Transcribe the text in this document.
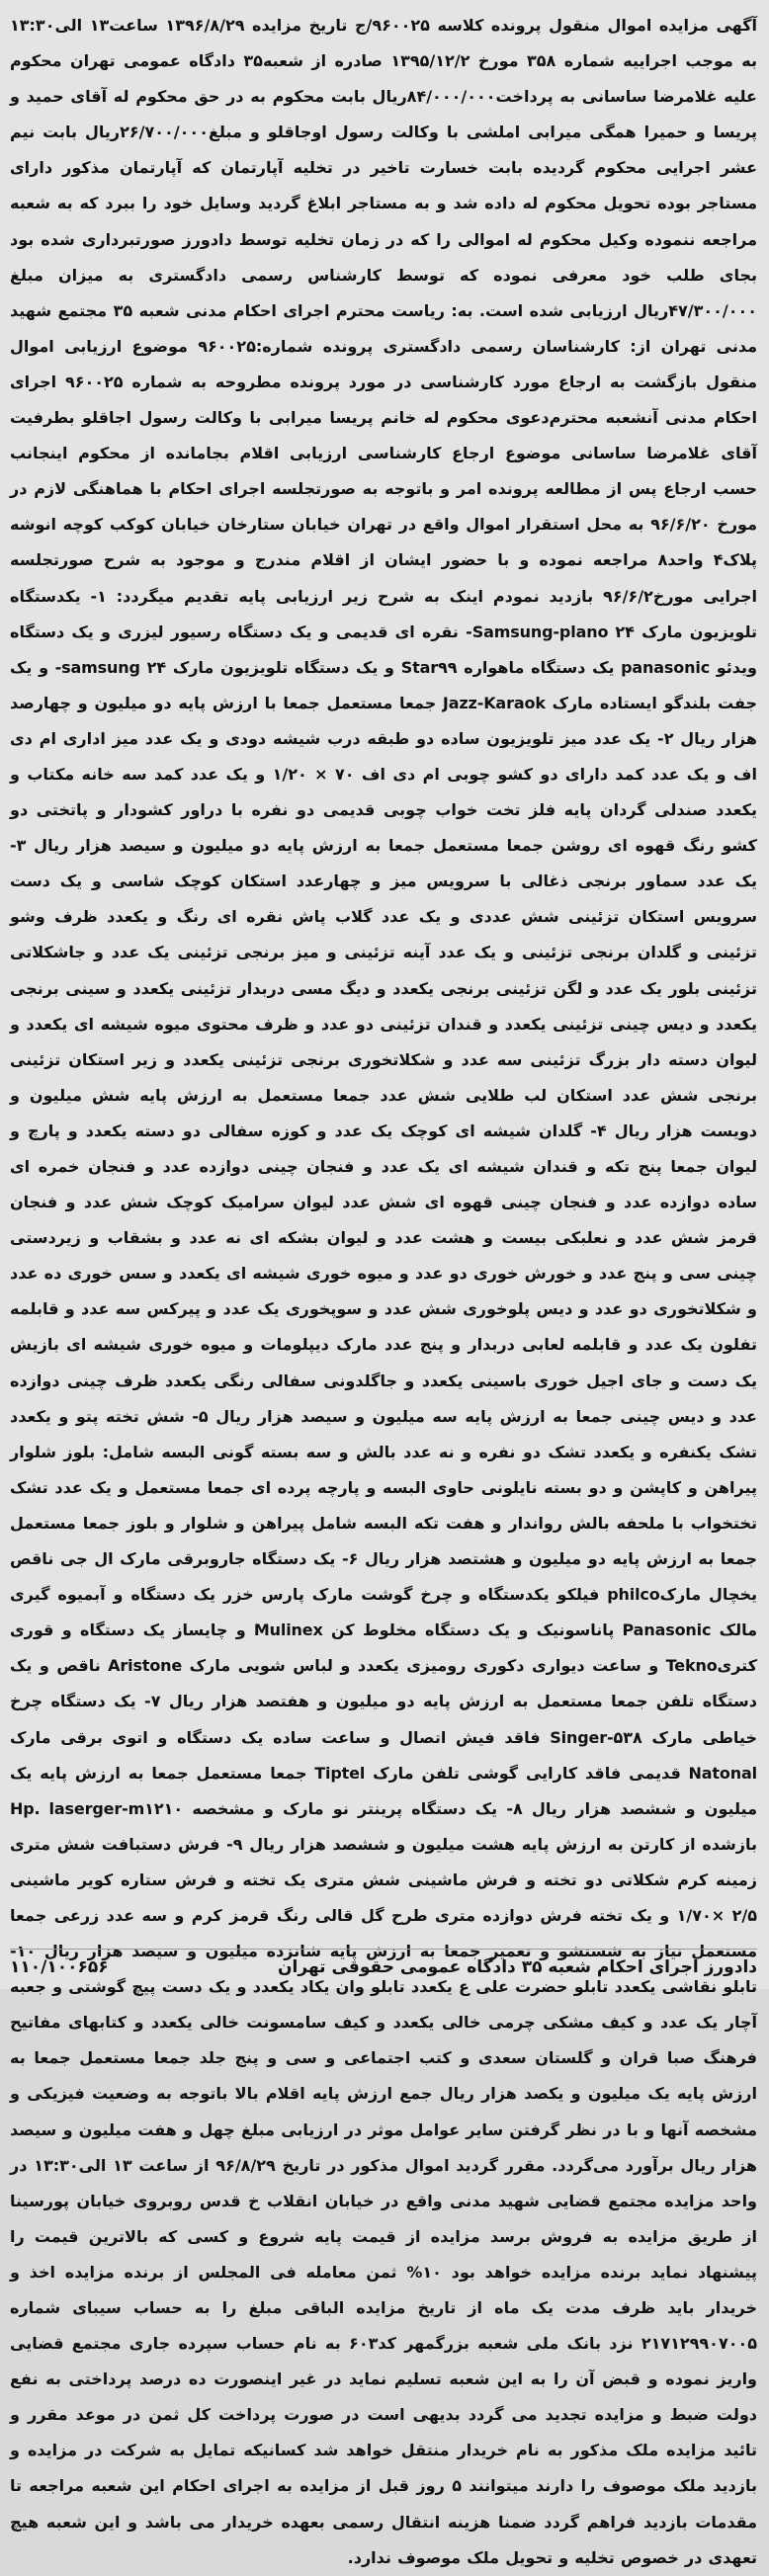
آگهی مزایده اموال منقول پرونده کلاسه ۹۶۰۰۲۵/ج تاریخ مزایده ۱۳۹۶/۸/۲۹ ساعت۱۳ الی۱۳:۳۰ به موجب اجراییه شماره ۳۵۸ مورخ ۱۳۹۵/۱۲/۲ صادره از شعبه‌۳۵ دادگاه عمومی تهران محکوم علیه غلامرضا ساسانی به پرداخت۸۴/۰۰۰/۰۰۰ریال بابت محکوم به در حق محکوم له آقای حمید و پریسا و حمیرا همگی میرابی املشی با وکالت رسول اوجاقلو و مبلغ۲۶/۷۰۰/۰۰۰ریال بابت نیم عشر اجرایی محکوم گردیده بابت خسارت تاخیر در تخلیه آپارتمان که آپارتمان مذکور دارای مستاجر بوده تحویل محکوم له داده شد و به مستاجر ابلاغ گردید وسایل خود را ببرد که به شعبه مراجعه ننموده وکیل محکوم له اموالی را که در زمان تخلیه توسط دادورز صورتبرداری شده بود بجای طلب خود معرفی نموده که توسط کارشناس رسمی دادگستری به میزان مبلغ ۴۷/۳۰۰/۰۰۰ریال ارزیابی شده است. به: ریاست محترم اجرای احکام مدنی شعبه ۳۵ مجتمع شهید مدنی تهران از: کارشناسان رسمی دادگستری پرونده شماره:۹۶۰۰۲۵ موضوع ارزیابی اموال منقول بازگشت به ارجاع مورد کارشناسی در مورد پرونده مطروحه به شماره ۹۶۰۰۲۵ اجرای احکام مدنی آنشعبه محترم‌دعوی محکوم له خانم پریسا میرابی با وکالت رسول اجاقلو بطرفیت آقای غلامرضا ساسانی موضوع ارجاع کارشناسی ارزیابی اقلام بجامانده از محکوم اینجانب حسب ارجاع پس از مطالعه پرونده امر و باتوجه به صورتجلسه اجرای احکام با هماهنگی لازم در مورخ ۹۶/۶/۲۰ به محل استقرار اموال واقع در تهران خیابان ستارخان خیابان کوکب کوچه انوشه پلاک۴ واحد۸ مراجعه نموده و با حضور ایشان از اقلام مندرج و موجود به شرح صورتجلسه اجرایی مورخ۹۶/۶/۲ بازدید نمودم اینک به شرح زیر ارزیابی پایه تقدیم میگردد: ۱- یکدستگاه تلویزیون مارک Samsung-plano ۲۴- نقره ای قدیمی و یک دستگاه رسیور لیزری و یک دستگاه ویدئو panasonic یک دستگاه ماهواره Star۹۹ و یک دستگاه تلویزیون مارک ۲۴ samsung- و یک جفت بلندگو ایستاده مارک Jazz-Karaok جمعا مستعمل جمعا با ارزش پایه دو میلیون و چهارصد هزار ریال ۲- یک عدد میز تلویزیون ساده دو طبقه درب شیشه دودی و یک عدد میز اداری ام دی اف و یک عدد کمد دارای دو کشو چوبی ام دی اف ۷۰ × ۱/۲۰ و یک عدد کمد سه خانه مکتاب و یکعدد صندلی گردان پایه فلز تخت خواب چوبی قدیمی دو نفره با دراور کشودار و پاتختی دو کشو رنگ قهوه ای روشن جمعا مستعمل جمعا به ارزش پایه دو میلیون و سیصد هزار ریال ۳- یک عدد سماور برنجی ذغالی با سرویس میز و چهارعدد استکان کوچک شاسی و یک دست سرویس استکان تزئینی شش عددی و یک عدد گلاب پاش نقره ای رنگ و یکعدد ظرف وشو تزئینی و گلدان برنجی تزئینی و یک عدد آینه تزئینی و میز برنجی تزئینی یک عدد و جاشکلاتی تزئینی بلور یک عدد و لگن تزئینی برنجی یکعدد و دیگ مسی دربدار تزئینی یکعدد و سینی برنجی یکعدد و دیس چینی تزئینی یکعدد و قندان تزئینی دو عدد و ظرف محتوی میوه شیشه ای یکعدد و لیوان دسته دار بزرگ تزئینی سه عدد و شکلاتخوری برنجی تزئینی یکعدد و زیر استکان تزئینی برنجی شش عدد استکان لب طلایی شش عدد جمعا مستعمل به ارزش پایه شش میلیون و دویست هزار ریال ۴- گلدان شیشه ای کوچک یک عدد و کوزه سفالی دو دسته یکعدد و پارچ و لیوان جمعا پنج تکه و قندان شیشه ای یک عدد و فنجان چینی دوازده عدد و فنجان خمره ای ساده دوازده عدد و فنجان چینی قهوه ای شش عدد لیوان سرامیک کوچک شش عدد و فنجان قرمز شش عدد و نعلبکی بیست و هشت عدد و لیوان بشکه ای نه عدد و بشقاب و زیردستی چینی سی و پنج عدد و خورش خوری دو عدد و میوه خوری شیشه ای یکعدد و سس خوری ده عدد و شکلاتخوری دو عدد و دیس پلوخوری شش عدد و سوپخوری یک عدد و پیرکس سه عدد و قابلمه تفلون یک عدد و قابلمه لعابی دربدار و پنج عدد مارک دیپلومات و میوه خوری شیشه ای بازیش یک دست و جای اجیل خوری باسینی یکعدد و جاگلدونی سفالی رنگی یکعدد ظرف چینی دوازده عدد و دیس چینی جمعا به ارزش پایه سه میلیون و سیصد هزار ریال ۵- شش تخته پتو و یکعدد تشک یکنفره و یکعدد تشک دو نفره و نه عدد بالش و سه بسته گونی البسه شامل: بلوز شلوار پیراهن و کاپشن و دو بسته نایلونی حاوی البسه و پارچه پرده ای جمعا مستعمل و یک عدد تشک تختخواب با ملحفه بالش رواندار و هفت تکه البسه شامل پیراهن و شلوار و بلوز جمعا مستعمل جمعا به ارزش پایه دو میلیون و هشتصد هزار ریال ۶- یک دستگاه جاروبرقی مارک ال جی ناقص یخچال مارکphilco فیلکو یکدستگاه و چرخ گوشت مارک پارس خزر یک دستگاه و آبمیوه گیری مالک Panasonic پاناسونیک و یک دستگاه مخلوط کن Mulinex و چایساز یک دستگاه و قوری کتریTekno و ساعت دیواری دکوری رومیزی یکعدد و لباس شویی مارک Aristone ناقص و یک دستگاه تلفن جمعا مستعمل به ارزش پایه دو میلیون و هفتصد هزار ریال ۷- یک دستگاه چرخ خیاطی مارک Singer-۵۳۸ فاقد فیش اتصال و ساعت ساده یک دستگاه و اتوی برقی مارک Natonal قدیمی فاقد کارایی گوشی تلفن مارک Tiptel جمعا مستعمل جمعا به ارزش پایه یک میلیون و ششصد هزار ریال ۸- یک دستگاه پرینتر نو مارک و مشخصه Hp. laserger-m۱۲۱۰ بازشده از کارتن به ارزش پایه هشت میلیون و ششصد هزار ریال ۹- فرش دستبافت شش متری زمینه کرم شکلاتی دو تخته و فرش ماشینی شش متری یک تخته و فرش ستاره کویر ماشینی ۲/۵ ×۱/۷۰ و یک تخته فرش دوازده متری طرح گل قالی رنگ قرمز کرم و سه عدد زرعی جمعا مستعمل نیاز به شستشو و تعمیر جمعا به ارزش پایه شانزده میلیون و سیصد هزار ریال ۱۰- تابلو نقاشی یکعدد تابلو حضرت علی ع یکعدد تابلو وان یکاد یکعدد و یک دست پیچ گوشتی و جعبه آچار یک عدد و کیف مشکی چرمی خالی یکعدد و کیف سامسونت خالی یکعدد و کتابهای مفاتیح فرهنگ صبا قران و گلستان سعدی و کتب اجتماعی و سی و پنج جلد جمعا مستعمل جمعا به ارزش پایه یک میلیون و یکصد هزار ریال جمع ارزش پایه اقلام بالا باتوجه به وضعیت فیزیکی و مشخصه آنها و با در نظر گرفتن سایر عوامل موثر در ارزیابی مبلغ چهل و هفت میلیون و سیصد هزار ریال برآورد می‌گردد. مقرر گردید اموال مذکور در تاریخ ۹۶/۸/۲۹ از ساعت ۱۳ الی۱۳:۳۰ در واحد مزایده مجتمع قضایی شهید مدنی واقع در خیابان انقلاب خ قدس روبروی خیابان پورسینا از طریق مزایده به فروش برسد مزایده از قیمت پایه شروع و کسی که بالاترین قیمت را پیشنهاد نماید برنده مزایده خواهد بود ۱۰% ثمن معامله فی المجلس از برنده مزایده اخذ و خریدار باید ظرف مدت یک ماه از تاریخ مزایده الباقی مبلغ را به حساب سیبای شماره ۲۱۷۱۲۹۹۰۷۰۰۵ نزد بانک ملی شعبه بزرگمهر کد۶۰۳ به نام حساب سپرده جاری مجتمع قضایی واریز نموده و قبض آن را به این شعبه تسلیم نماید در غیر اینصورت ده درصد پرداختی به نفع دولت ضبط و مزایده تجدید می گردد بدیهی است در صورت پرداخت کل ثمن در موعد مقرر و تائید مزایده ملک مذکور به نام خریدار منتقل خواهد شد کسانیکه تمایل به شرکت در مزایده و بازدید ملک موصوف را دارند میتوانند ۵ روز قبل از مزایده به اجرای احکام این شعبه مراجعه تا مقدمات بازدید فراهم گردد ضمنا هزینه انتقال رسمی بعهده خریدار می باشد و این شعبه هیچ تعهدی در خصوص تخلیه و تحویل ملک موصوف ندارد.

دادورز اجرای احکام شعبه ۳۵ دادگاه عمومی حقوقی تهران
۱۱۰/۱۰۰۶۵۶
